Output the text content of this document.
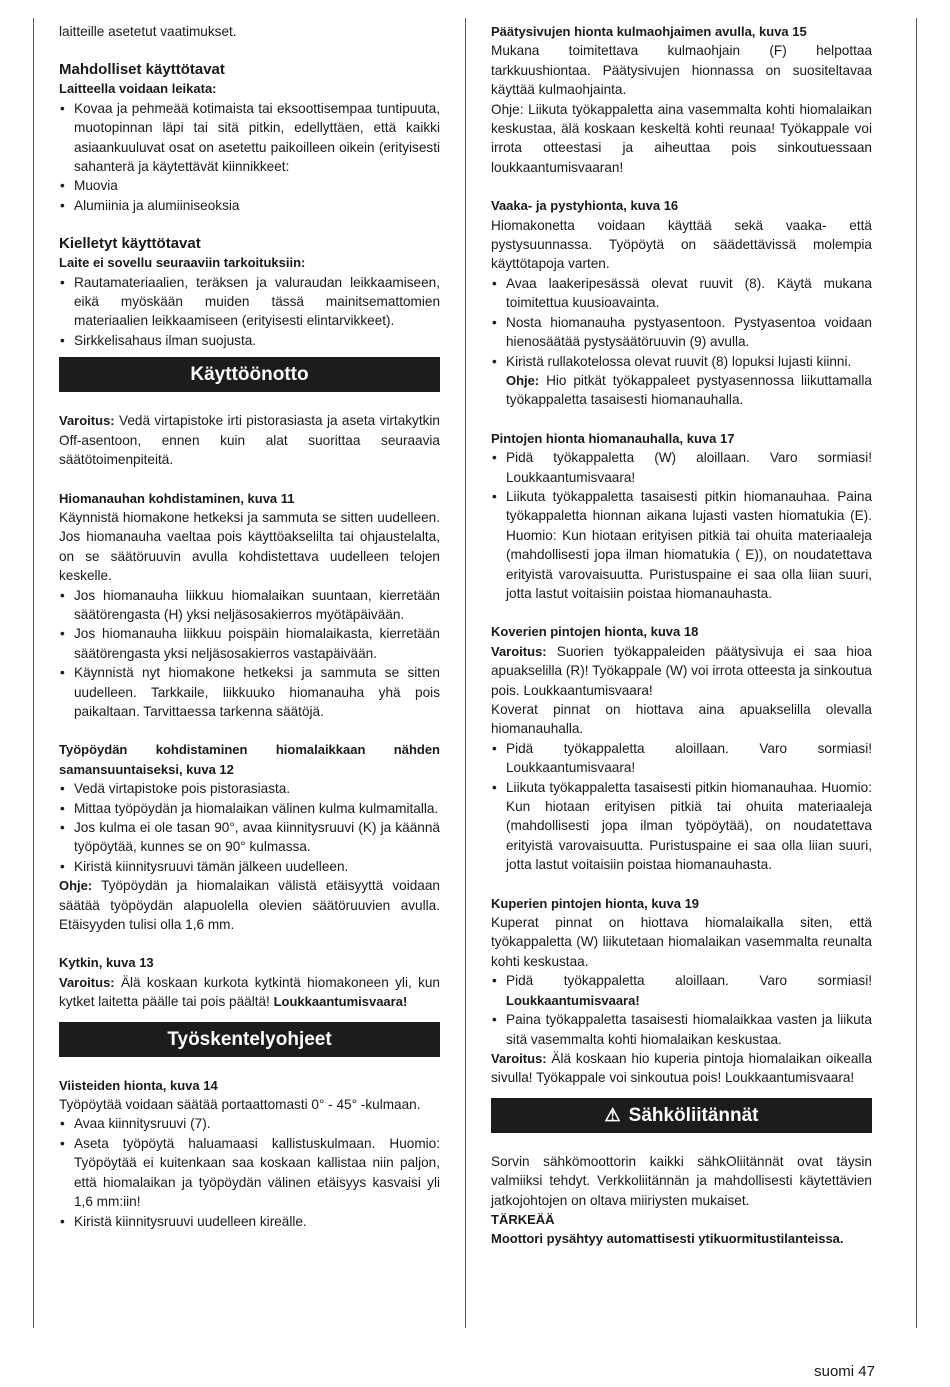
laitteille asetetut vaatimukset.

Mahdolliset käyttötavat

Laitteella voidaan leikata:

• Kovaa ja pehmeää kotimaista tai eksoottisempaa tuntipuuta, muotopinnan läpi tai sitä pitkin, edellyttäen, että kaikki asiaankuuluvat osat on asetettu paikoilleen oikein (erityisesti sahanterä ja käytettävät kiinnikkeet:
• Muovia
• Alumiinia ja alumiiniseoksia
Kielletyt käyttötavat

Laite ei sovellu seuraaviin tarkoituksiin:

• Rautamateriaalien, teräksen ja valuraudan leikkaamiseen, eikä myöskään muiden tässä mainitsemattomien materiaalien leikkaamiseen (erityisesti elintarvikkeet).
• Sirkkelisahaus ilman suojusta.
Käyttöönotto

Varoitus: Vedä virtapistoke irti pistorasiasta ja aseta virtakytkin Off-asentoon, ennen kuin alat suorittaa seuraavia säätötoimenpiteitä.

Hiomanauhan kohdistaminen, kuva 11

Käynnistä hiomakone hetkeksi ja sammuta se sitten uudelleen. Jos hiomanauha vaeltaa pois käyttöakselilta tai ohjaustelalta, on se säätöruuvin avulla kohdistettava uudelleen telojen keskelle.

• Jos hiomanauha liikkuu hiomalaikan suuntaan, kierretään säätörengasta (H) yksi neljäsosakierros myötäpäivään.
• Jos hiomanauha liikkuu poispäin hiomalaikasta, kierretään säätörengasta yksi neljäsosakierros vastapäivään.
• Käynnistä nyt hiomakone hetkeksi ja sammuta se sitten uudelleen. Tarkkaile, liikkuuko hiomanauha yhä pois paikaltaan. Tarvittaessa tarkenna säätöjä.

Työpöydän kohdistaminen hiomalaikkaan nähden samansuuntaiseksi, kuva 12

• Vedä virtapistoke pois pistorasiasta.
• Mittaa työpöydän ja hiomalaikan välinen kulma kulmamitalla.
• Jos kulma ei ole tasan 90°, avaa kiinnitysruuvi (K) ja käännä työpöytää, kunnes se on 90° kulmassa.
• Kiristä kiinnitysruuvi tämän jälkeen uudelleen.

Ohje: Työpöydän ja hiomalaikan välistä etäisyyttä voidaan säätää työpöydän alapuolella olevien säätöruuvien avulla. Etäisyyden tulisi olla 1,6 mm.

Kytkin, kuva 13

Varoitus: Älä koskaan kurkota kytkintä hiomakoneen yli, kun kytket laitetta päälle tai pois päältä! Loukkaantumisvaara!

Työskentelyohjeet

Viisteiden hionta, kuva 14

Työpöytää voidaan säätää portaattomasti 0° - 45° -kulmaan.

• Avaa kiinnitysruuvi (7).
• Aseta työpöytä haluamaasi kallistuskulmaan. Huomio: Työpöytää ei kuitenkaan saa koskaan kallistaa niin paljon, että hiomalaikan ja työpöydän välinen etäisyys kasvaisi yli 1,6 mm:iin!
• Kiristä kiinnitysruuvi uudelleen kireälle.

Päätysivujen hionta kulmaohjaimen avulla, kuva 15

Mukana toimitettava kulmaohjain (F) helpottaa tarkkuushiontaa. Päätysivujen hionnassa on suositeltavaa käyttää kulmaohjainta.

Ohje: Liikuta työkappaletta aina vasemmalta kohti hiomalaikan keskustaa, älä koskaan keskeltä kohti reunaa! Työkappale voi irrota otteestasi ja aiheuttaa pois sinkoutuessaan loukkaantumisvaaran!

Vaaka- ja pystyhionta, kuva 16

Hiomakonetta voidaan käyttää sekä vaaka- että pystysuunnassa. Työpöytä on säädettävissä molempia käyttötapoja varten.

• Avaa laakeripesässä olevat ruuvit (8). Käytä mukana toimitettua kuusioavainta.
• Nosta hiomanauha pystyasentoon. Pystyasentoa voidaan hienosäätää pystysäätöruuvin (9) avulla.
• Kiristä rullakotelossa olevat ruuvit (8) lopuksi lujasti kiinni.

Ohje: Hio pitkät työkappaleet pystyasennossa liikuttamalla työkappaletta tasaisesti hiomanauhalla.

Pintojen hionta hiomanauhalla, kuva 17

• Pidä työkappaletta (W) aloillaan. Varo sormiasi! Loukkaantumisvaara!
• Liikuta työkappaletta tasaisesti pitkin hiomanauhaa. Paina työkappaletta hionnan aikana lujasti vasten hiomatukia (E). Huomio: Kun hiotaan erityisen pitkiä tai ohuita materiaaleja (mahdollisesti jopa ilman hiomatukia ( E)), on noudatettava erityistä varovaisuutta. Puristuspaine ei saa olla liian suuri, jotta lastut voitaisiin poistaa hiomanauhasta.

Koverien pintojen hionta, kuva 18

Varoitus: Suorien työkappaleiden päätysivuja ei saa hioa apuakselilla (R)! Työkappale (W) voi irrota otteesta ja sinkoutua pois. Loukkaantumisvaara!

Koverat pinnat on hiottava aina apuakselilla olevalla hiomanauhalla.

• Pidä työkappaletta aloillaan. Varo sormiasi! Loukkaantumisvaara!
• Liikuta työkappaletta tasaisesti pitkin hiomanauhaa. Huomio: Kun hiotaan erityisen pitkiä tai ohuita materiaaleja (mahdollisesti jopa ilman työpöytää), on noudatettava erityistä varovaisuutta. Puristuspaine ei saa olla liian suuri, jotta lastut voitaisiin poistaa hiomanauhasta.

Kuperien pintojen hionta, kuva 19

Kuperat pinnat on hiottava hiomalaikalla siten, että työkappaletta (W) liikutetaan hiomalaikan vasemmalta reunalta kohti keskustaa.

• Pidä työkappaletta aloillaan. Varo sormiasi! Loukkaantumisvaara!
• Paina työkappaletta tasaisesti hiomalaikkaa vasten ja liikuta sitä vasemmalta kohti hiomalaikan keskustaa.

Varoitus: Älä koskaan hio kuperia pintoja hiomalaikan oikealla sivulla! Työkappale voi sinkoutua pois! Loukkaantumisvaara!

⚠ Sähköliitännät

Sorvin sähkömoottorin kaikki sähkOliitännät ovat täysin valmiiksi tehdyt. Verkkoliitännän ja mahdollisesti käytettävien jatkojohtojen on oltava miiriysten mukaiset.

TÄRKEÄÄ

Moottori pysähtyy automattisesti ytikuormitustilanteissa.

suomi 47
